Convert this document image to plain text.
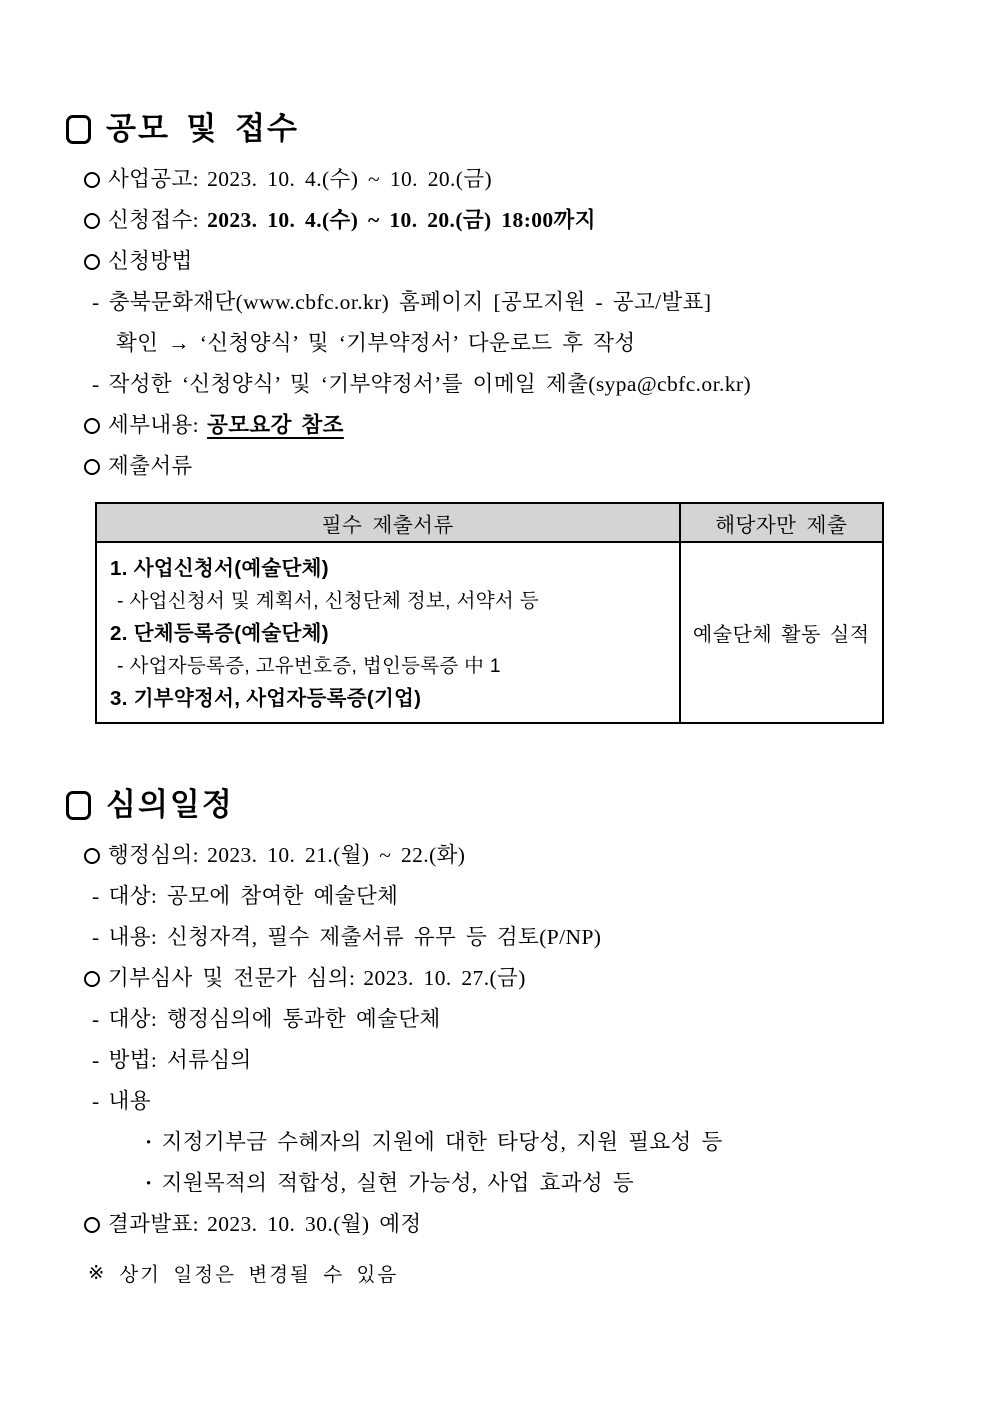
공모 및 접수
사업공고: 2023. 10. 4.(수) ~ 10. 20.(금)
신청접수: 2023. 10. 4.(수) ~ 10. 20.(금) 18:00까지
신청방법
- 충북문화재단(www.cbfc.or.kr) 홈페이지 [공모지원 - 공고/발표]
확인 → ‘신청양식’ 및 ‘기부약정서’ 다운로드 후 작성
- 작성한 ‘신청양식’ 및 ‘기부약정서’를 이메일 제출(sypa@cbfc.or.kr)
세부내용: 공모요강 참조
제출서류
필수 제출서류	해당자만 제출

1. 사업신청서(예술단체)
- 사업신청서 및 계획서, 신청단체 정보, 서약서 등
2. 단체등록증(예술단체)
- 사업자등록증, 고유번호증, 법인등록증 中 1
3. 기부약정서, 사업자등록증(기업)	예술단체 활동 실적
심의일정
행정심의: 2023. 10. 21.(월) ~ 22.(화)
- 대상: 공모에 참여한 예술단체
- 내용: 신청자격, 필수 제출서류 유무 등 검토(P/NP)
기부심사 및 전문가 심의: 2023. 10. 27.(금)
- 대상: 행정심의에 통과한 예술단체
- 방법: 서류심의
- 내용
· 지정기부금 수혜자의 지원에 대한 타당성, 지원 필요성 등
· 지원목적의 적합성, 실현 가능성, 사업 효과성 등
결과발표: 2023. 10. 30.(월) 예정
※ 상기 일정은 변경될 수 있음
